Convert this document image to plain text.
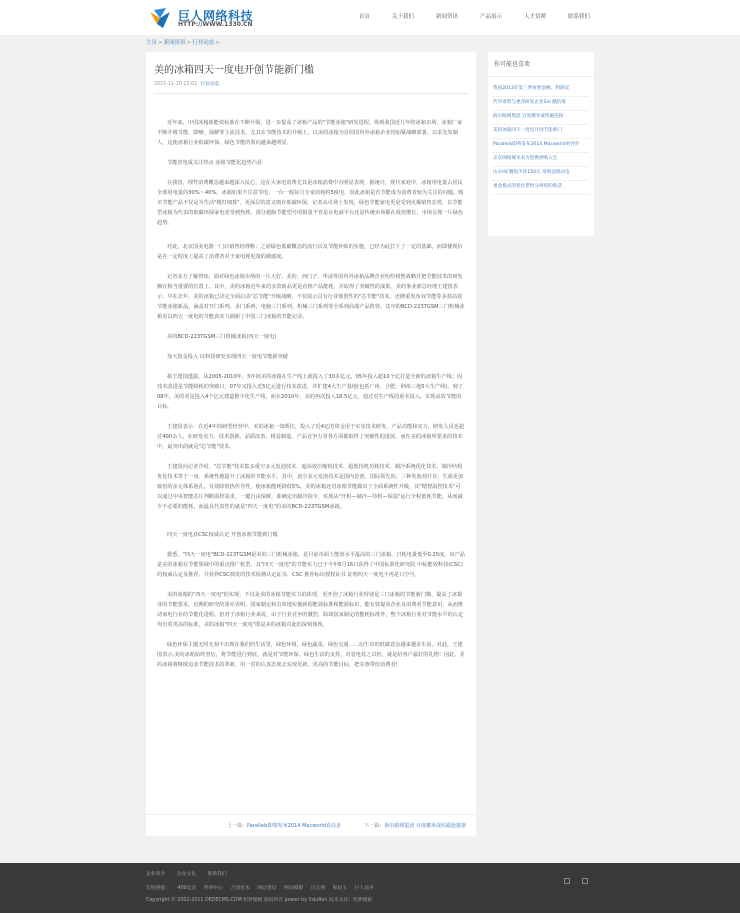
巨人网络科技
HTTP://WWW.1330.CN
首页	关于我们	新闻资讯	产品展示	人才招聘	联系我们
主页>新闻资讯>行业动态>
美的冰箱四天一度电开创节能新门槛
2015-11-10 22:02 行业动态

近年来，中国冰箱新能效标准在不断升级，进一步提高了冰箱产品的"节能冰箱"研发进程。纵观我国近几年的冰箱市场，冰箱厂家不断升级节能、降噪、保鲜等主流技术，尤其在节能技术的升级上，以美的冰箱为首的国内外冰箱企业均加紧战略部署，以求先发制人，这使冰箱行业低碳环保、绿色节能的领向越来越明显。

节能省电成关注热点 冰箱节能化趋势凸显

在我国，理性消费概念越来越深入民心，这在大家电消费尤其是冰箱消费中有明显表现。据统计，现代家庭中，冰箱用电量占居民全部用电量的30%～40%。冰箱如果不注意节电，一台一般每月全家消耗约5度电，因此冰箱是否节能成为消费者较为关注的问题。购买节能产品不仅是为生活"精打细算"，更深层的意义则在低碳环保。记者从市场上发现，绿色节能家电更是受到火爆销售态势，以节能型冰箱为代表的低碳环保家电更受到热捧，部分超级节能型号的销量不管是在电商平台还是传统卖场都在成倍增长，市场呈现一片绿色趋势。

对此，北京国美电器一门店销售经理称：之前绿色低碳概念的流行以及节能补贴的实施，已经为此打下了一定的基础，而即便现价是在一定程度上提高了消费者对于家电耗电量的敏感度。

记者多方了解得知，面对绿色冰箱市场的一片大好，美的、西门子、华凌等国内外冰箱品牌企业纷纷将整战略并把节能技术的研发搁在相当重要的位置上。其中，美的冰箱近年来的多款新品更是直推产品能耗，并取得了突破性的成果。美的事业部总经理王建国表示，早在去年，美的冰箱已决定全面启动"芯节能"升级战略，不仅展示具有行业独创性的"芯节能"技术，还隆重发布双节能等多款高效节能冰箱新品，涵盖对开门系列、多门系列、电脑三门系列、机械三门系列等全系列高端产品阵营。其中的BCD-223TGSM三门机械冰箱更以四天一度电的节能真实力刷新了中国三门冰箱的节能记录。

美的BCD-223TGSM三门机械冰箱(四天一度电)

加大资金投入 以科技研发实现四天一度电节能新突破

据王建国透露，从2005-2010年，5年间美的冰箱在生产线上就投入了30多亿元。05年投入超10个亿打造全新的冰箱生产线；因技术改进是节能降耗的突破口，07年又投入近5亿元进行技术改进，并扩建4大生产基地(包括广州、合肥、荆州三地5大生产线)，到了08年，美的更是投入4个亿元建造数字化生产线，而在2010年，美的再次投入18.5亿元，通过对生产线的重本投入，实现高效节能的目标。

王建国表示：在近4年的研型经营中，美的冰箱一如既往，投入了近4亿的资金用于实实技术研发、产品功能和实力，研发人员也超过400余人，在研发实力、技术创新、品质改善、精益制造、产品竞争力等各方面都取得了突破性的进展，而在美的冰箱所要求的技术中，最突出的就是"芯节能"技术。

王建国向记者介绍，"芯节能"技术集多重空多元发泡技术、超高效压缩机技术、超低待机功耗技术、制冷系统优化技术、制冷结构优化技术等于一身，系统性地提升了冰箱的节能水平。其中，真空多元发泡技术是国内首创、国际领先的。三种发泡剂并存，生成更加致密的多元体系泡孔，有效降低热传导性，使冰箱能耗降低5%。美的冰箱还对冰箱节能做出了全面系统性升级，其"精智温控技术"可以通过中央智能芯片判断温控需求，一键自由保鲜，准确定出制冷指令，实现从"开机—制冷—待机—保温"运行全程低耗节能，从而减少不必要的能耗。而最具代表性的就是"四天一度电"的美的BCD-223TGSM冰箱。

四天一度电获CSC权威认定 开创冰箱节能新门槛

据悉，"四天一度电"BCD-223TGSM是美的三门机械冰箱，是目前市面上能效水平最高的三门冰箱，日耗电量低至0.25度。该产品是美的冰箱在节能领域中的重点推广机型，其"四天一度电"的节能实力已于今年6月16日获得了中国标准化研究院 中标能效科技(CSC)的权威认定及推荐，并获得CSC颁发的技术检测认定证书。CSC 推荐标识授权证书 证明四天一度电不再是口空号。

美的冰箱的"四天一度电"的实现，不仅是美的冰箱节能实力的体现，更开创了冰箱行业特别是三门冰箱的节能新门槛，提高了冰箱业的节能要求。近期的研究结果亦表明，国家制定和有效地实施新的能效标准和能源标识，能有效提高企业及消费者节能意识，从而推动家电行业的节能化进程。但对于冰箱行业来说，由于行业竞争的激烈，除却国家制定的能耗标准外，整个冰箱行业对节能水平的认定均有着更高的标准，美的冰箱"四天一度电"即是美的冰箱对此的深刻体现。

绿色环保主题无时无刻不出现在我们的生活里，绿色环境，绿色蔬菜，绿色交通……衍生出的低碳意念越来越多生活。对此，王建国表示,美的冰箱始终坚信，将节能进行到底，就是对节能环保。绿色生活的支持，对省电持之以恒，就是给客户最好的礼物！因此，美的冰箱将继续追求节能技术的革新，用一贯的认真态度去实现更新、更高的节能目标，把实惠带给消费者!

上一篇：Parallels即将发布2014 Macworld看亮步	下一篇：海尔路网集团 百度哪米或给霸连接器
你可能也喜欢
我国2013年第三季度智金额、利润双
传华翠督与惠普研发企业Sin 翻倍境
海尔路网集团 百度哪米或给霸连接
美的冰箱四天一度电开创节能新门
Parallels即将发布2014 Macworld看亮步
京东网络城来来为您携供购入生
山水HC餐短手环150元 采购送移动电
重金模式的变化带给分辨用的新活
企业简介 企业文化 联系我们
友情链接： 400电话 呼叫中心 合同范本 网站建设 网站模板 日元网 和田玉 巨人法务
Copyright © 2002-2011 DEDECMS.COM 织梦模板 版权所有 power by YzjuRen 技术支持：织梦模板
